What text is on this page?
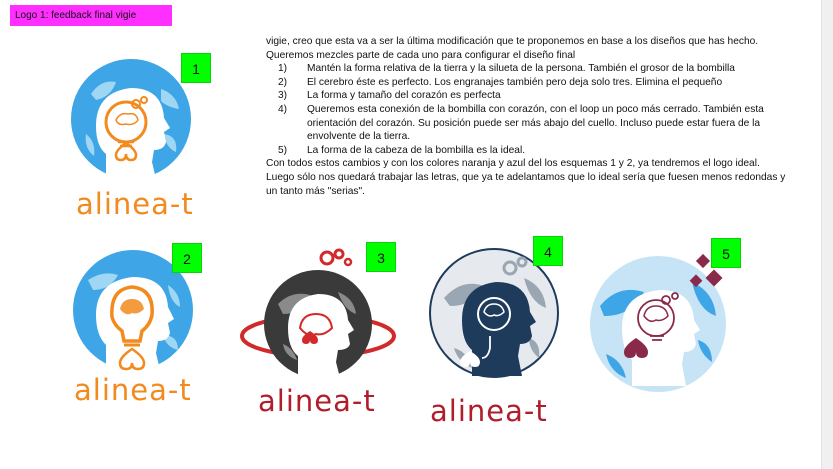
Logo 1: feedback final vigie

vigie, creo que esta va a ser la última modificación que te proponemos en base a los diseños que has hecho. Queremos mezcles parte de cada uno para configurar el diseño final

1)	Mantén la forma relativa de la tierra y la silueta de la persona. También el grosor de la bombilla
2)	El cerebro éste es perfecto. Los engranajes también pero deja solo tres. Elimina el pequeño
3)	La forma y tamaño del corazón es perfecta
4)	Queremos esta conexión de la bombilla con corazón, con el loop un poco más cerrado. También esta orientación del corazón. Su posición puede ser más abajo del cuello. Incluso puede estar fuera de la envolvente de la tierra.
5)	La forma de la cabeza de la bombilla es la ideal.

Con todos estos cambios y con los colores naranja y azul del los esquemas 1 y 2, ya tendremos el logo ideal. Luego sólo nos quedará trabajar las letras, que ya te adelantamos que lo ideal sería que fuesen menos redondas y un tanto más "serias".

alinea-t
1
alinea-t
2
alinea-t
3
alinea-t
4	5
